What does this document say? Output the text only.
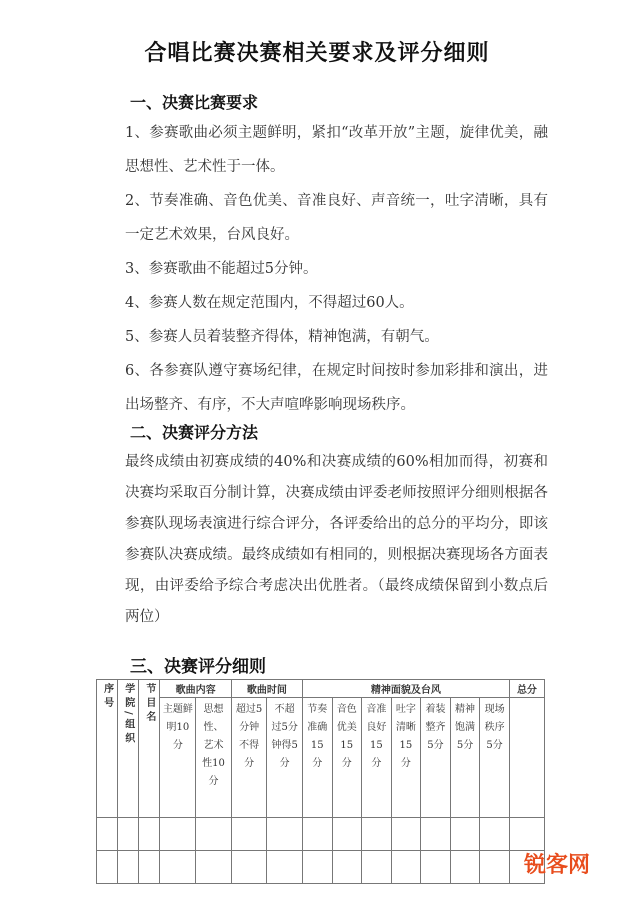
合唱比赛决赛相关要求及评分细则
一、决赛比赛要求
1、参赛歌曲必须主题鲜明，紧扣“改革开放”主题，旋律优美，融思想性、艺术性于一体。
2、节奏准确、音色优美、音准良好、声音统一，吐字清晰，具有一定艺术效果，台风良好。
3、参赛歌曲不能超过5分钟。
4、参赛人数在规定范围内，不得超过60人。
5、参赛人员着装整齐得体，精神饱满，有朝气。
6、各参赛队遵守赛场纪律，在规定时间按时参加彩排和演出，进出场整齐、有序，不大声喧哗影响现场秩序。
二、决赛评分方法
最终成绩由初赛成绩的40%和决赛成绩的60%相加而得，初赛和决赛均采取百分制计算，决赛成绩由评委老师按照评分细则根据各参赛队现场表演进行综合评分，各评委给出的总分的平均分，即该参赛队决赛成绩。最终成绩如有相同的，则根据决赛现场各方面表现，由评委给予综合考虑决出优胜者。（最终成绩保留到小数点后两位）
三、决赛评分细则
序号	学院/组织	节目名	歌曲内容		歌曲时间		精神面貌及台风							总分
			主题鲜明10分	思想性、艺术性10分	超过5分钟不得分	不超过5分钟得5分	节奏准确15分	音色优美15分	音准良好15分	吐字清晰15分	着装整齐5分	精神饱满5分	现场秩序5分	

锐客网
